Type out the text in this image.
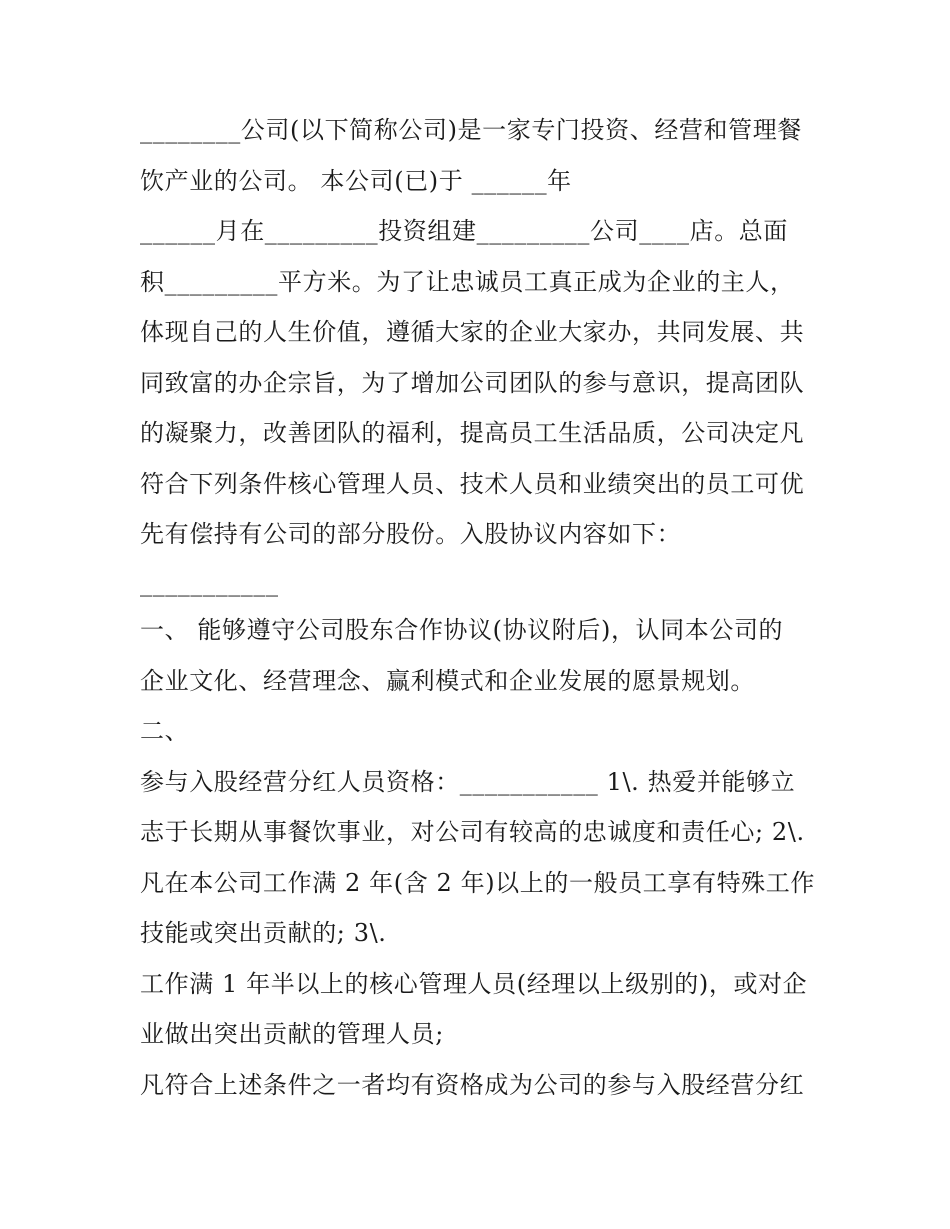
________公司(以下简称公司)是一家专门投资、经营和管理餐
饮产业的公司。 本公司(已)于 ______年
______月在_________投资组建_________公司____店。总面
积_________平方米。为了让忠诚员工真正成为企业的主人，
体现自己的人生价值，遵循大家的企业大家办，共同发展、共
同致富的办企宗旨，为了增加公司团队的参与意识，提高团队
的凝聚力，改善团队的福利，提高员工生活品质，公司决定凡
符合下列条件核心管理人员、技术人员和业绩突出的员工可优
先有偿持有公司的部分股份。入股协议内容如下：
___________
一、 能够遵守公司股东合作协议(协议附后)，认同本公司的
企业文化、经营理念、赢利模式和企业发展的愿景规划。
二、
参与入股经营分红人员资格：___________ 1\. 热爱并能够立
志于长期从事餐饮事业，对公司有较高的忠诚度和责任心; 2\.
凡在本公司工作满 2 年(含 2 年)以上的一般员工享有特殊工作
技能或突出贡献的; 3\.
工作满 1 年半以上的核心管理人员(经理以上级别的)，或对企
业做出突出贡献的管理人员;
凡符合上述条件之一者均有资格成为公司的参与入股经营分红
